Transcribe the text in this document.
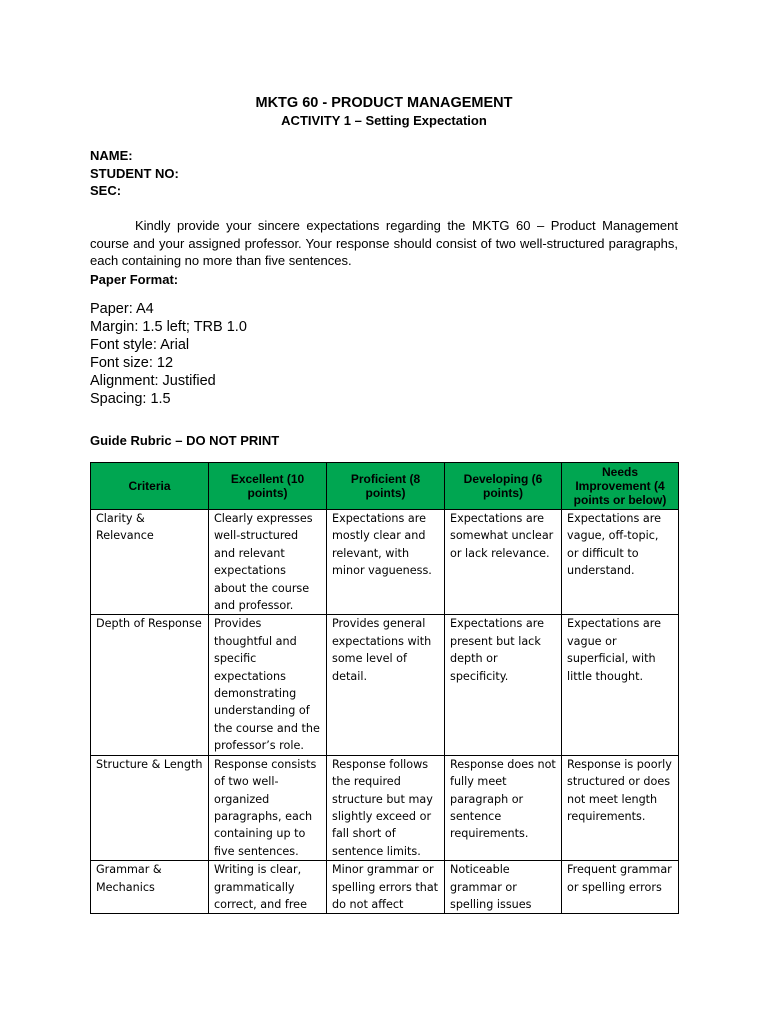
MKTG 60 - PRODUCT MANAGEMENT
ACTIVITY 1 – Setting Expectation
NAME:
STUDENT NO:
SEC:

Kindly provide your sincere expectations regarding the MKTG 60 – Product Management course and your assigned professor. Your response should consist of two well-structured paragraphs, each containing no more than five sentences.

Paper Format:
Paper: A4
Margin: 1.5 left; TRB 1.0
Font style: Arial
Font size: 12
Alignment: Justified
Spacing: 1.5
Guide Rubric – DO NOT PRINT
Criteria	Excellent (10 points)	Proficient (8 points)	Developing (6 points)	Needs Improvement (4 points or below)
Clarity & Relevance	Clearly expresses well-structured and relevant expectations about the course and professor.	Expectations are mostly clear and relevant, with minor vagueness.	Expectations are somewhat unclear or lack relevance.	Expectations are vague, off-topic, or difficult to understand.
Depth of Response	Provides thoughtful and specific expectations demonstrating understanding of the course and the professor’s role.	Provides general expectations with some level of detail.	Expectations are present but lack depth or specificity.	Expectations are vague or superficial, with little thought.
Structure & Length	Response consists of two well-organized paragraphs, each containing up to five sentences.	Response follows the required structure but may slightly exceed or fall short of sentence limits.	Response does not fully meet paragraph or sentence requirements.	Response is poorly structured or does not meet length requirements.
Grammar & Mechanics	Writing is clear, grammatically correct, and free	Minor grammar or spelling errors that do not affect	Noticeable grammar or spelling issues	Frequent grammar or spelling errors
